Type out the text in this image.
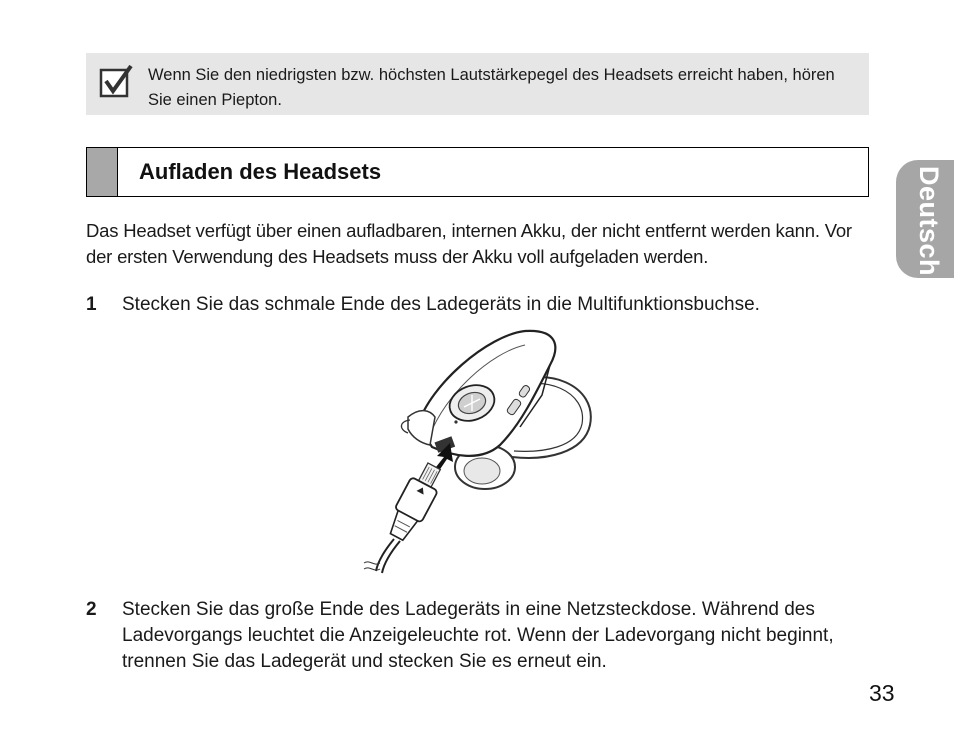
Wenn Sie den niedrigsten bzw. höchsten Lautstärkepegel des Headsets erreicht haben, hören Sie einen Piepton.
Aufladen des Headsets	Deutsch
Das Headset verfügt über einen aufladbaren, internen Akku, der nicht entfernt werden kann. Vor der ersten Verwendung des Headsets muss der Akku voll aufgeladen werden.
1 Stecken Sie das schmale Ende des Ladegeräts in die Multifunktionsbuchse.
2 Stecken Sie das große Ende des Ladegeräts in eine Netzsteckdose. Während des Ladevorgangs leuchtet die Anzeigeleuchte rot. Wenn der Ladevorgang nicht beginnt, trennen Sie das Ladegerät und stecken Sie es erneut ein.
33
